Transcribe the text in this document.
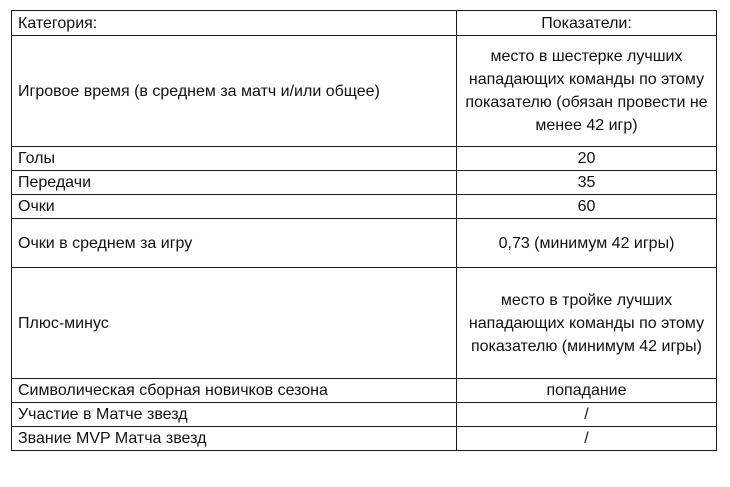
Категория:	Показатели:
Игровое время (в среднем за матч и/или общее)	место в шестерке лучших нападающих команды по этому показателю (обязан провести не менее 42 игр)
Голы	20
Передачи	35
Очки	60
Очки в среднем за игру	0,73 (минимум 42 игры)
Плюс-минус	место в тройке лучших нападающих команды по этому показателю (минимум 42 игры)
Символическая сборная новичков сезона	попадание
Участие в Матче звезд	/
Звание MVP Матча звезд	/
